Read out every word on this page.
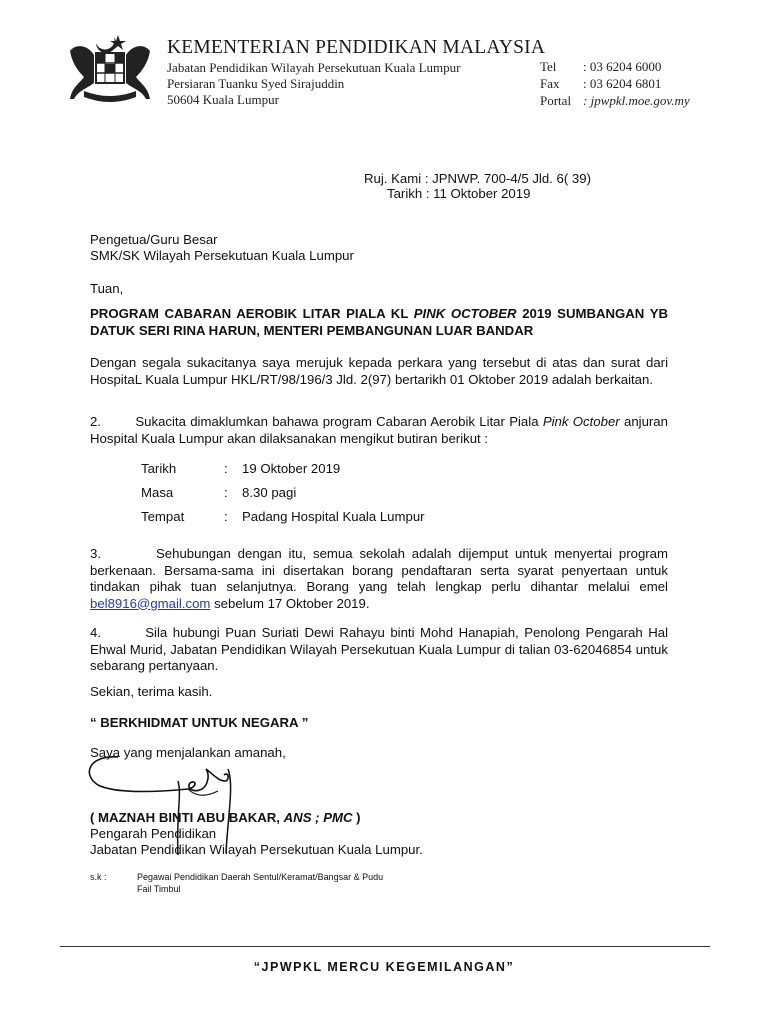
KEMENTERIAN PENDIDIKAN MALAYSIA
Jabatan Pendidikan Wilayah Persekutuan Kuala Lumpur
Persiaran Tuanku Syed Sirajuddin
50604 Kuala Lumpur
Tel : 03 6204 6000
Fax : 03 6204 6801
Portal : jpwpkl.moe.gov.my
Ruj. Kami : JPNWP. 700-4/5 Jld. 6( 39)
Tarikh : 11 Oktober 2019
Pengetua/Guru Besar
SMK/SK Wilayah Persekutuan Kuala Lumpur
Tuan,
PROGRAM CABARAN AEROBIK LITAR PIALA KL PINK OCTOBER 2019 SUMBANGAN YB DATUK SERI RINA HARUN, MENTERI PEMBANGUNAN LUAR BANDAR
Dengan segala sukacitanya saya merujuk kepada perkara yang tersebut di atas dan surat dari HospitaL Kuala Lumpur HKL/RT/98/196/3 Jld. 2(97) bertarikh 01 Oktober 2019 adalah berkaitan.
2.        Sukacita dimaklumkan bahawa program Cabaran Aerobik Litar Piala Pink October anjuran Hospital Kuala Lumpur akan dilaksanakan mengikut butiran berikut :
Tarikh	: 19 Oktober 2019
Masa	: 8.30 pagi
Tempat	: Padang Hospital Kuala Lumpur
3.        Sehubungan dengan itu, semua sekolah adalah dijemput untuk menyertai program berkenaan. Bersama-sama ini disertakan borang pendaftaran serta syarat penyertaan untuk tindakan pihak tuan selanjutnya. Borang yang telah lengkap perlu dihantar melalui emel bel8916@gmail.com sebelum 17 Oktober 2019.
4.        Sila hubungi Puan Suriati Dewi Rahayu binti Mohd Hanapiah, Penolong Pengarah Hal Ehwal Murid, Jabatan Pendidikan Wilayah Persekutuan Kuala Lumpur di talian 03-62046854 untuk sebarang pertanyaan.
Sekian, terima kasih.
“ BERKHIDMAT UNTUK NEGARA ”
Saya yang menjalankan amanah,
( MAZNAH BINTI ABU BAKAR, ANS ; PMC )
Pengarah Pendidikan
Jabatan Pendidikan Wilayah Persekutuan Kuala Lumpur.
s.k :	Pegawai Pendidikan Daerah Sentul/Keramat/Bangsar & Pudu
Fail Timbul
“JPWPKL MERCU KEGEMILANGAN”
